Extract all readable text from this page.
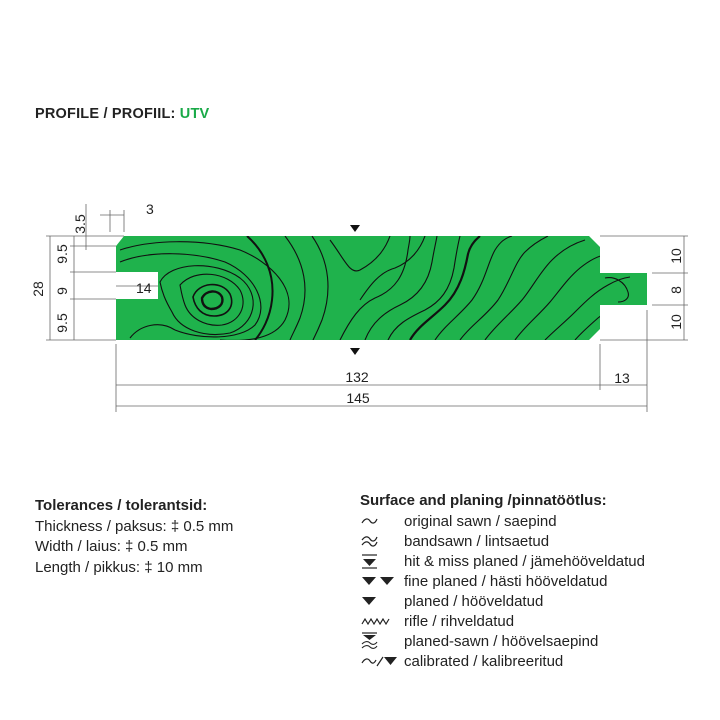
PROFILE / PROFIIL: UTV
3.5
3
28
9.5
9
9.5
14
10
8
10
132	13
145
Tolerances / tolerantsid:
Thickness / paksus: ‡ 0.5 mm
Width / laius: ‡ 0.5 mm
Length / pikkus: ‡ 10 mm
Surface and planing /pinnatöötlus:
original sawn / saepind
bandsawn / lintsaetud
hit & miss planed / jämehööveldatud
fine planed / hästi hööveldatud
planed / hööveldatud
rifle / rihveldatud
planed-sawn / höövelsaepind
calibrated / kalibreeritud
